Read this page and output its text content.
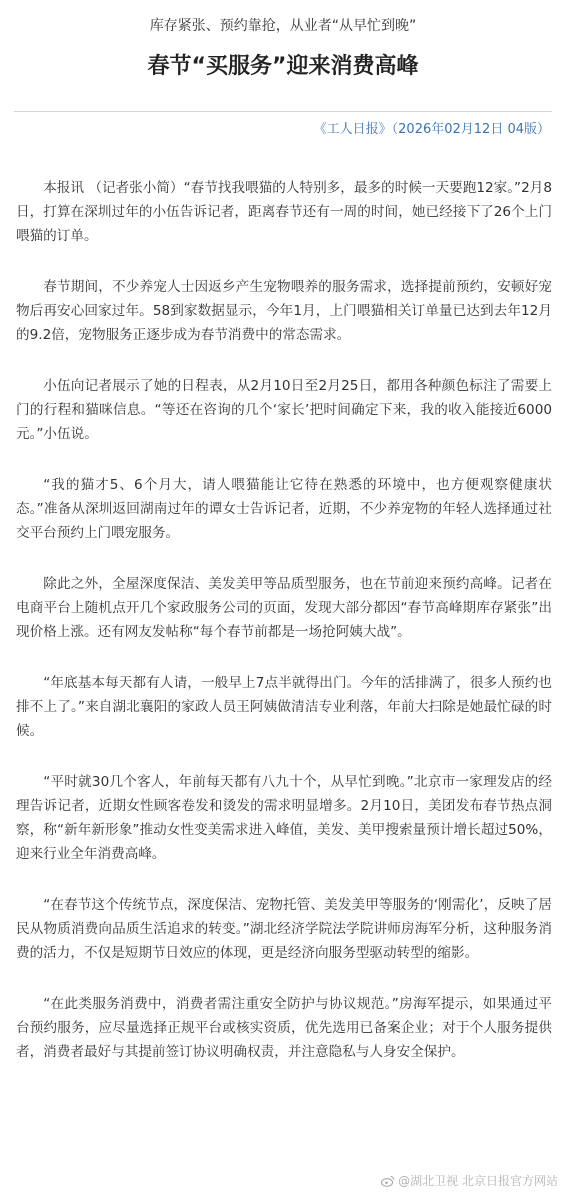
库存紧张、预约靠抢，从业者“从早忙到晚”
春节“买服务”迎来消费高峰
《工人日报》（2026年02月12日 04版）

本报讯 （记者张小简）“春节找我喂猫的人特别多，最多的时候一天要跑12家。”2月8日，打算在深圳过年的小伍告诉记者，距离春节还有一周的时间，她已经接下了26个上门喂猫的订单。

春节期间，不少养宠人士因返乡产生宠物喂养的服务需求，选择提前预约，安顿好宠物后再安心回家过年。58到家数据显示，今年1月，上门喂猫相关订单量已达到去年12月的9.2倍，宠物服务正逐步成为春节消费中的常态需求。

小伍向记者展示了她的日程表，从2月10日至2月25日，都用各种颜色标注了需要上门的行程和猫咪信息。“等还在咨询的几个‘家长’把时间确定下来，我的收入能接近6000元。”小伍说。

“我的猫才5、6个月大，请人喂猫能让它待在熟悉的环境中，也方便观察健康状态。”准备从深圳返回湖南过年的谭女士告诉记者，近期，不少养宠物的年轻人选择通过社交平台预约上门喂宠服务。

除此之外，全屋深度保洁、美发美甲等品质型服务，也在节前迎来预约高峰。记者在电商平台上随机点开几个家政服务公司的页面，发现大部分都因“春节高峰期库存紧张”出现价格上涨。还有网友发帖称“每个春节前都是一场抢阿姨大战”。

“年底基本每天都有人请，一般早上7点半就得出门。今年的活排满了，很多人预约也排不上了。”来自湖北襄阳的家政人员王阿姨做清洁专业利落，年前大扫除是她最忙碌的时候。

“平时就30几个客人，年前每天都有八九十个，从早忙到晚。”北京市一家理发店的经理告诉记者，近期女性顾客卷发和烫发的需求明显增多。2月10日，美团发布春节热点洞察，称“新年新形象”推动女性变美需求进入峰值，美发、美甲搜索量预计增长超过50%，迎来行业全年消费高峰。

“在春节这个传统节点，深度保洁、宠物托管、美发美甲等服务的‘刚需化’，反映了居民从物质消费向品质生活追求的转变。”湖北经济学院法学院讲师房海军分析，这种服务消费的活力，不仅是短期节日效应的体现，更是经济向服务型驱动转型的缩影。

“在此类服务消费中，消费者需注重安全防护与协议规范。”房海军提示，如果通过平台预约服务，应尽量选择正规平台或核实资质，优先选用已备案企业；对于个人服务提供者，消费者最好与其提前签订协议明确权责，并注意隐私与人身安全保护。

@湖北卫视 北京日报官方网站
